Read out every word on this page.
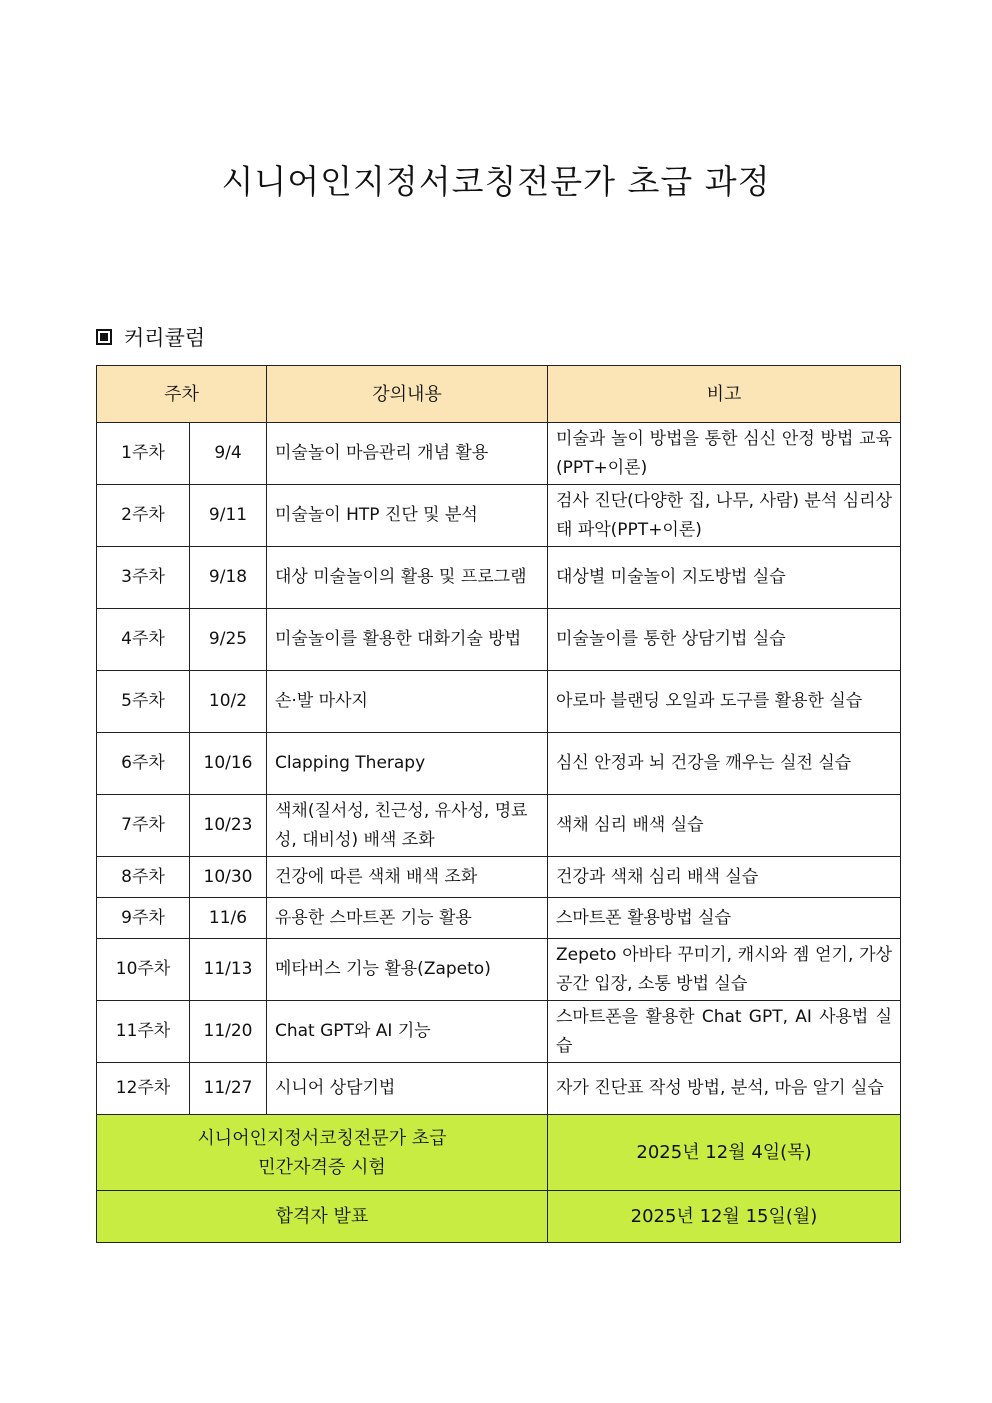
시니어인지정서코칭전문가 초급 과정
커리큘럼
주차		강의내용	비고
1주차	9/4	미술놀이 마음관리 개념 활용	미술과 놀이 방법을 통한 심신 안정 방법 교육(PPT+이론)
2주차	9/11	미술놀이 HTP 진단 및 분석	검사 진단(다양한 집, 나무, 사람) 분석 심리상태 파악(PPT+이론)
3주차	9/18	대상 미술놀이의 활용 및 프로그램	대상별 미술놀이 지도방법 실습
4주차	9/25	미술놀이를 활용한 대화기술 방법	미술놀이를 통한 상담기법 실습
5주차	10/2	손·발 마사지	아로마 블랜딩 오일과 도구를 활용한 실습
6주차	10/16	Clapping Therapy	심신 안정과 뇌 건강을 깨우는 실전 실습
7주차	10/23	색채(질서성, 친근성, 유사성, 명료성, 대비성) 배색 조화	색채 심리 배색 실습
8주차	10/30	건강에 따른 색채 배색 조화	건강과 색채 심리 배색 실습
9주차	11/6	유용한 스마트폰 기능 활용	스마트폰 활용방법 실습
10주차	11/13	메타버스 기능 활용(Zapeto)	Zepeto 아바타 꾸미기, 캐시와 젬 얻기, 가상공간 입장, 소통 방법 실습
11주차	11/20	Chat GPT와 AI 기능	스마트폰을 활용한 Chat GPT, AI 사용법 실습
12주차	11/27	시니어 상담기법	자가 진단표 작성 방법, 분석, 마음 알기 실습

시니어인지정서코칭전문가 초급
민간자격증 시험			2025년 12월 4일(목)
합격자 발표			2025년 12월 15일(월)
